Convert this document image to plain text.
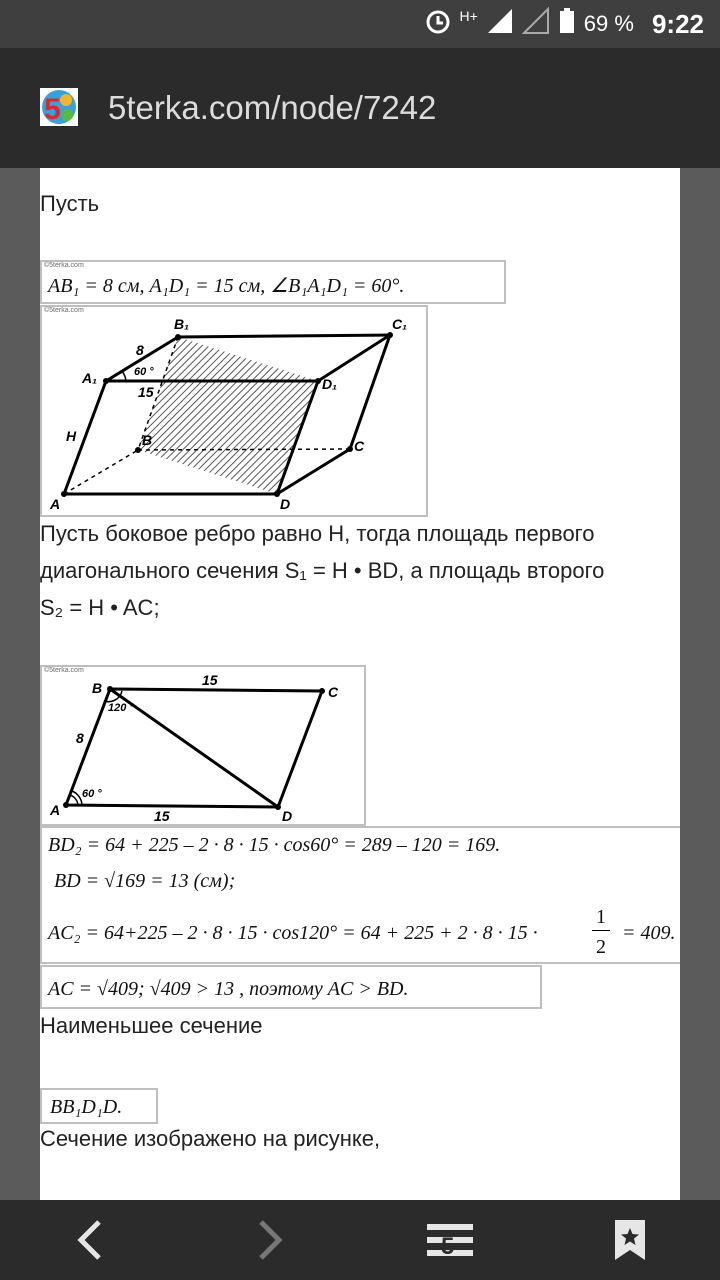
H+	69 % 9:22
5 5terka.com/node/7242
Пусть
©5terka.com
AB₁ = 8 см, A₁D₁ = 15 см, ∠B₁A₁D₁ = 60°.
©5terka.com
B₁	C₁
A₁	D₁
A
B	C
D
8
15
60 °
H
Пусть боковое ребро равно H, тогда площадь первого
диагонального сечения S₁ = H • BD, а площадь второго
S₂ = H • AC;
©5terka.com
B	C
A	D
15
15
8
120 °
60 °
BD₂ = 64 + 225 – 2 · 8 · 15 · cos60° = 289 – 120 = 169.
BD = √169 = 13 (см);
AC₂ = 64+225 – 2 · 8 · 15 · cos120° = 64 + 225 + 2 · 8 · 15 ·
1
2
= 409.
AC = √409; √409 > 13 , поэтому AC > BD.
Наименьшее сечение
BB₁D₁D.
Сечение изображено на рисунке,
5
